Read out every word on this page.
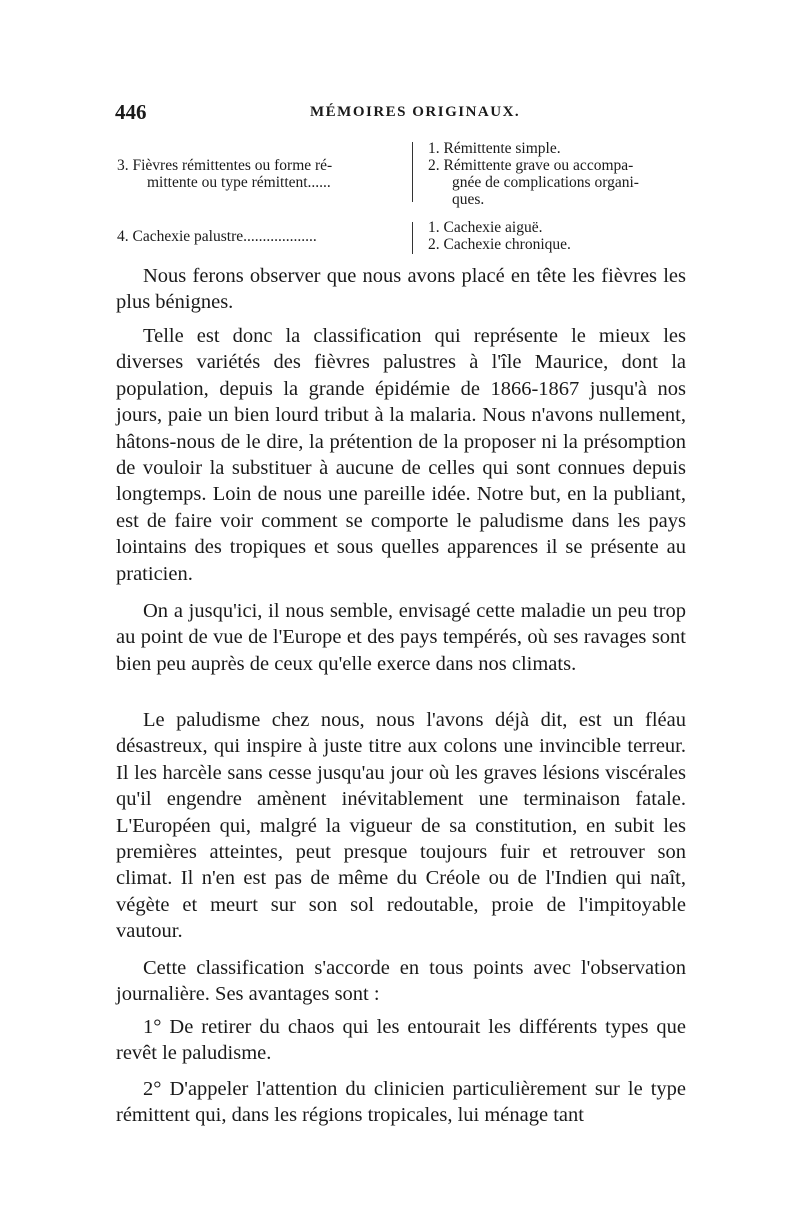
446	MÉMOIRES ORIGINAUX.
3. Fièvres rémittentes ou forme ré-
mittente ou type rémittent......
1. Rémittente simple.
2. Rémittente grave ou accompa-
gnée de complications organi-
ques.
4. Cachexie palustre...................
1. Cachexie aiguë.
2. Cachexie chronique.

Nous ferons observer que nous avons placé en tête les fièvres les plus bénignes.

Telle est donc la classification qui représente le mieux les diverses variétés des fièvres palustres à l'île Maurice, dont la population, depuis la grande épidémie de 1866-1867 jusqu'à nos jours, paie un bien lourd tribut à la malaria. Nous n'avons nullement, hâtons-nous de le dire, la prétention de la proposer ni la présomption de vouloir la substituer à aucune de celles qui sont connues depuis longtemps. Loin de nous une pareille idée. Notre but, en la publiant, est de faire voir comment se comporte le paludisme dans les pays lointains des tropiques et sous quelles apparences il se présente au praticien.

On a jusqu'ici, il nous semble, envisagé cette maladie un peu trop au point de vue de l'Europe et des pays tempérés, où ses ravages sont bien peu auprès de ceux qu'elle exerce dans nos climats.

Le paludisme chez nous, nous l'avons déjà dit, est un fléau désastreux, qui inspire à juste titre aux colons une invincible terreur. Il les harcèle sans cesse jusqu'au jour où les graves lésions viscérales qu'il engendre amènent inévitablement une terminaison fatale. L'Européen qui, malgré la vigueur de sa constitution, en subit les premières atteintes, peut presque toujours fuir et retrouver son climat. Il n'en est pas de même du Créole ou de l'Indien qui naît, végète et meurt sur son sol redoutable, proie de l'impitoyable vautour.

Cette classification s'accorde en tous points avec l'observation journalière. Ses avantages sont :

1° De retirer du chaos qui les entourait les différents types que revêt le paludisme.

2° D'appeler l'attention du clinicien particulièrement sur le type rémittent qui, dans les régions tropicales, lui ménage tant
